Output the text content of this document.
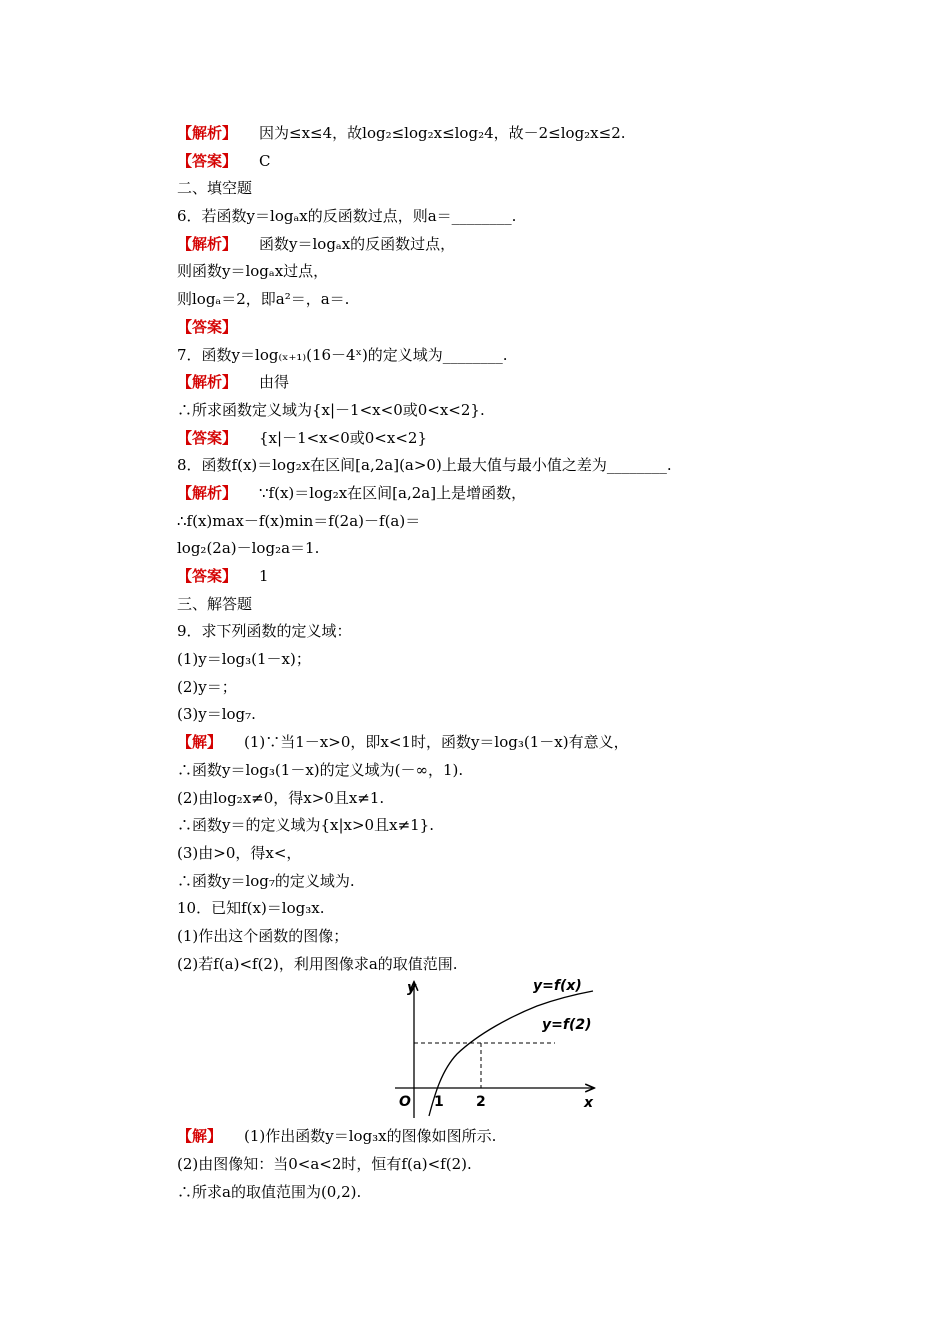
【解析】 因为≤x≤4，故log₂≤log₂x≤log₂4，故－2≤log₂x≤2.
【答案】 C
二、填空题
6．若函数y＝logₐx的反函数过点，则a＝________.
【解析】 函数y＝logₐx的反函数过点，
则函数y＝logₐx过点，
则logₐ＝2，即a²＝，a＝.
【答案】
7．函数y＝log₍ₓ₊₁₎(16－4ˣ)的定义域为________.
【解析】 由得
∴所求函数定义域为{x|－1<x<0或0<x<2}.
【答案】 {x|－1<x<0或0<x<2}
8．函数f(x)＝log₂x在区间[a,2a](a>0)上最大值与最小值之差为________.
【解析】 ∵f(x)＝log₂x在区间[a,2a]上是增函数，
∴f(x)max－f(x)min＝f(2a)－f(a)＝
log₂(2a)－log₂a＝1.
【答案】 1
三、解答题
9．求下列函数的定义域：
(1)y＝log₃(1－x)；
(2)y＝；
(3)y＝log₇.
【解】 (1)∵当1－x>0，即x<1时，函数y＝log₃(1－x)有意义，
∴函数y＝log₃(1－x)的定义域为(－∞，1).
(2)由log₂x≠0，得x>0且x≠1.
∴函数y＝的定义域为{x|x>0且x≠1}.
(3)由>0，得x<，
∴函数y＝log₇的定义域为.
10．已知f(x)＝log₃x.
(1)作出这个函数的图像；
(2)若f(a)<f(2)，利用图像求a的取值范围.
y
x
O 1 2
y=f(x)
y=f(2)
【解】 (1)作出函数y＝log₃x的图像如图所示.
(2)由图像知：当0<a<2时，恒有f(a)<f(2).
∴所求a的取值范围为(0,2).
